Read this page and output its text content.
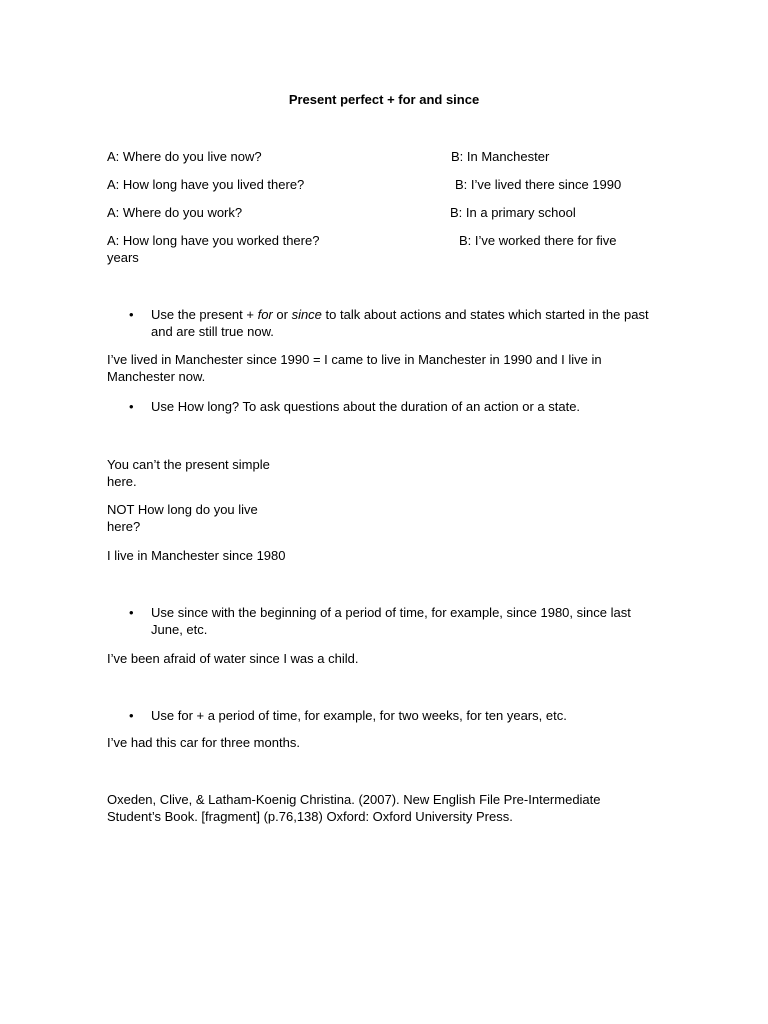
Present perfect + for and since
A: Where do you live now?	B: In Manchester
A: How long have you lived there?	B: I’ve lived there since 1990
A: Where do you work?	B: In a primary school
A: How long have you worked there?	B: I’ve worked there for five
years
• Use the present + for or since to talk about actions and states which started in the past and are still true now.
I’ve lived in Manchester since 1990 = I came to live in Manchester in 1990 and I live in Manchester now.
• Use How long? To ask questions about the duration of an action or a state.
You can’t the present simple here.
NOT How long do you live here?
I live in Manchester since 1980
• Use since with the beginning of a period of time, for example, since 1980, since last June, etc.
I’ve been afraid of water since I was a child.
• Use for + a period of time, for example, for two weeks, for ten years, etc.
I’ve had this car for three months.
Oxeden, Clive, & Latham-Koenig Christina. (2007). New English File Pre-Intermediate Student’s Book. [fragment] (p.76,138) Oxford: Oxford University Press.
